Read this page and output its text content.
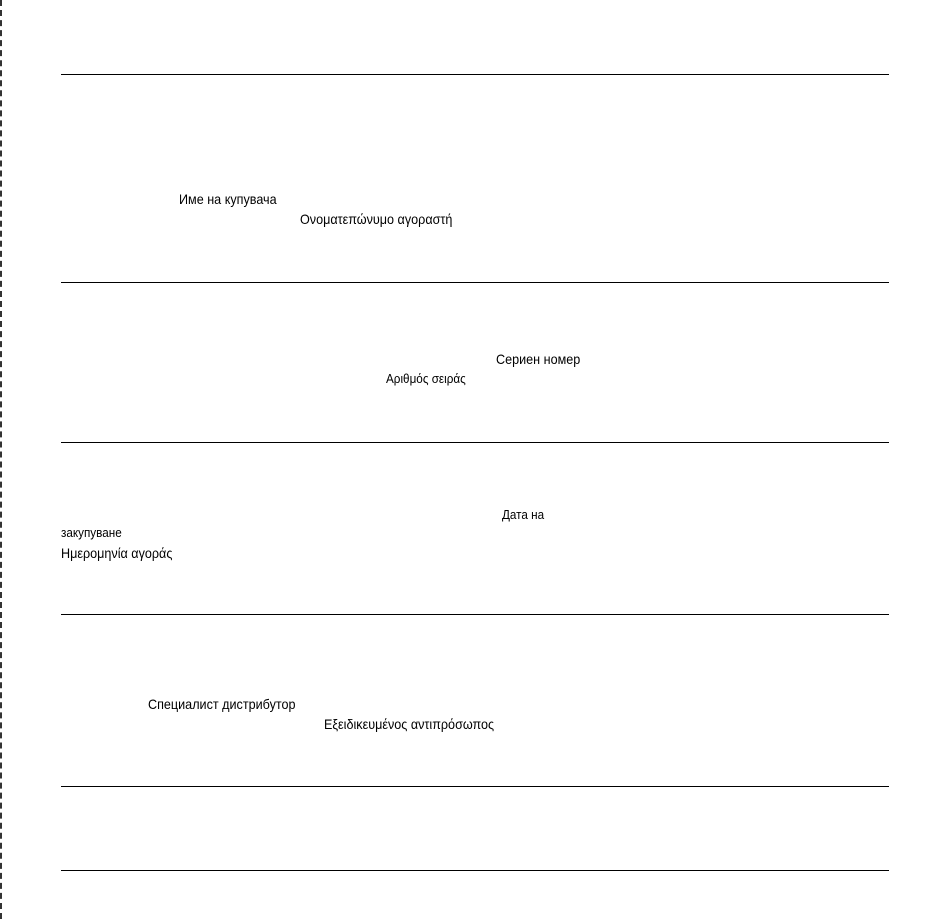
Име на купувача
Ονοματεπώνυμο αγοραστή
Сериен номер
Αριθμός σειράς
Дата на
закупуване
Ημερομηνία αγοράς
Специалист дистрибутор
Εξειδικευμένος αντιπρόσωπος
